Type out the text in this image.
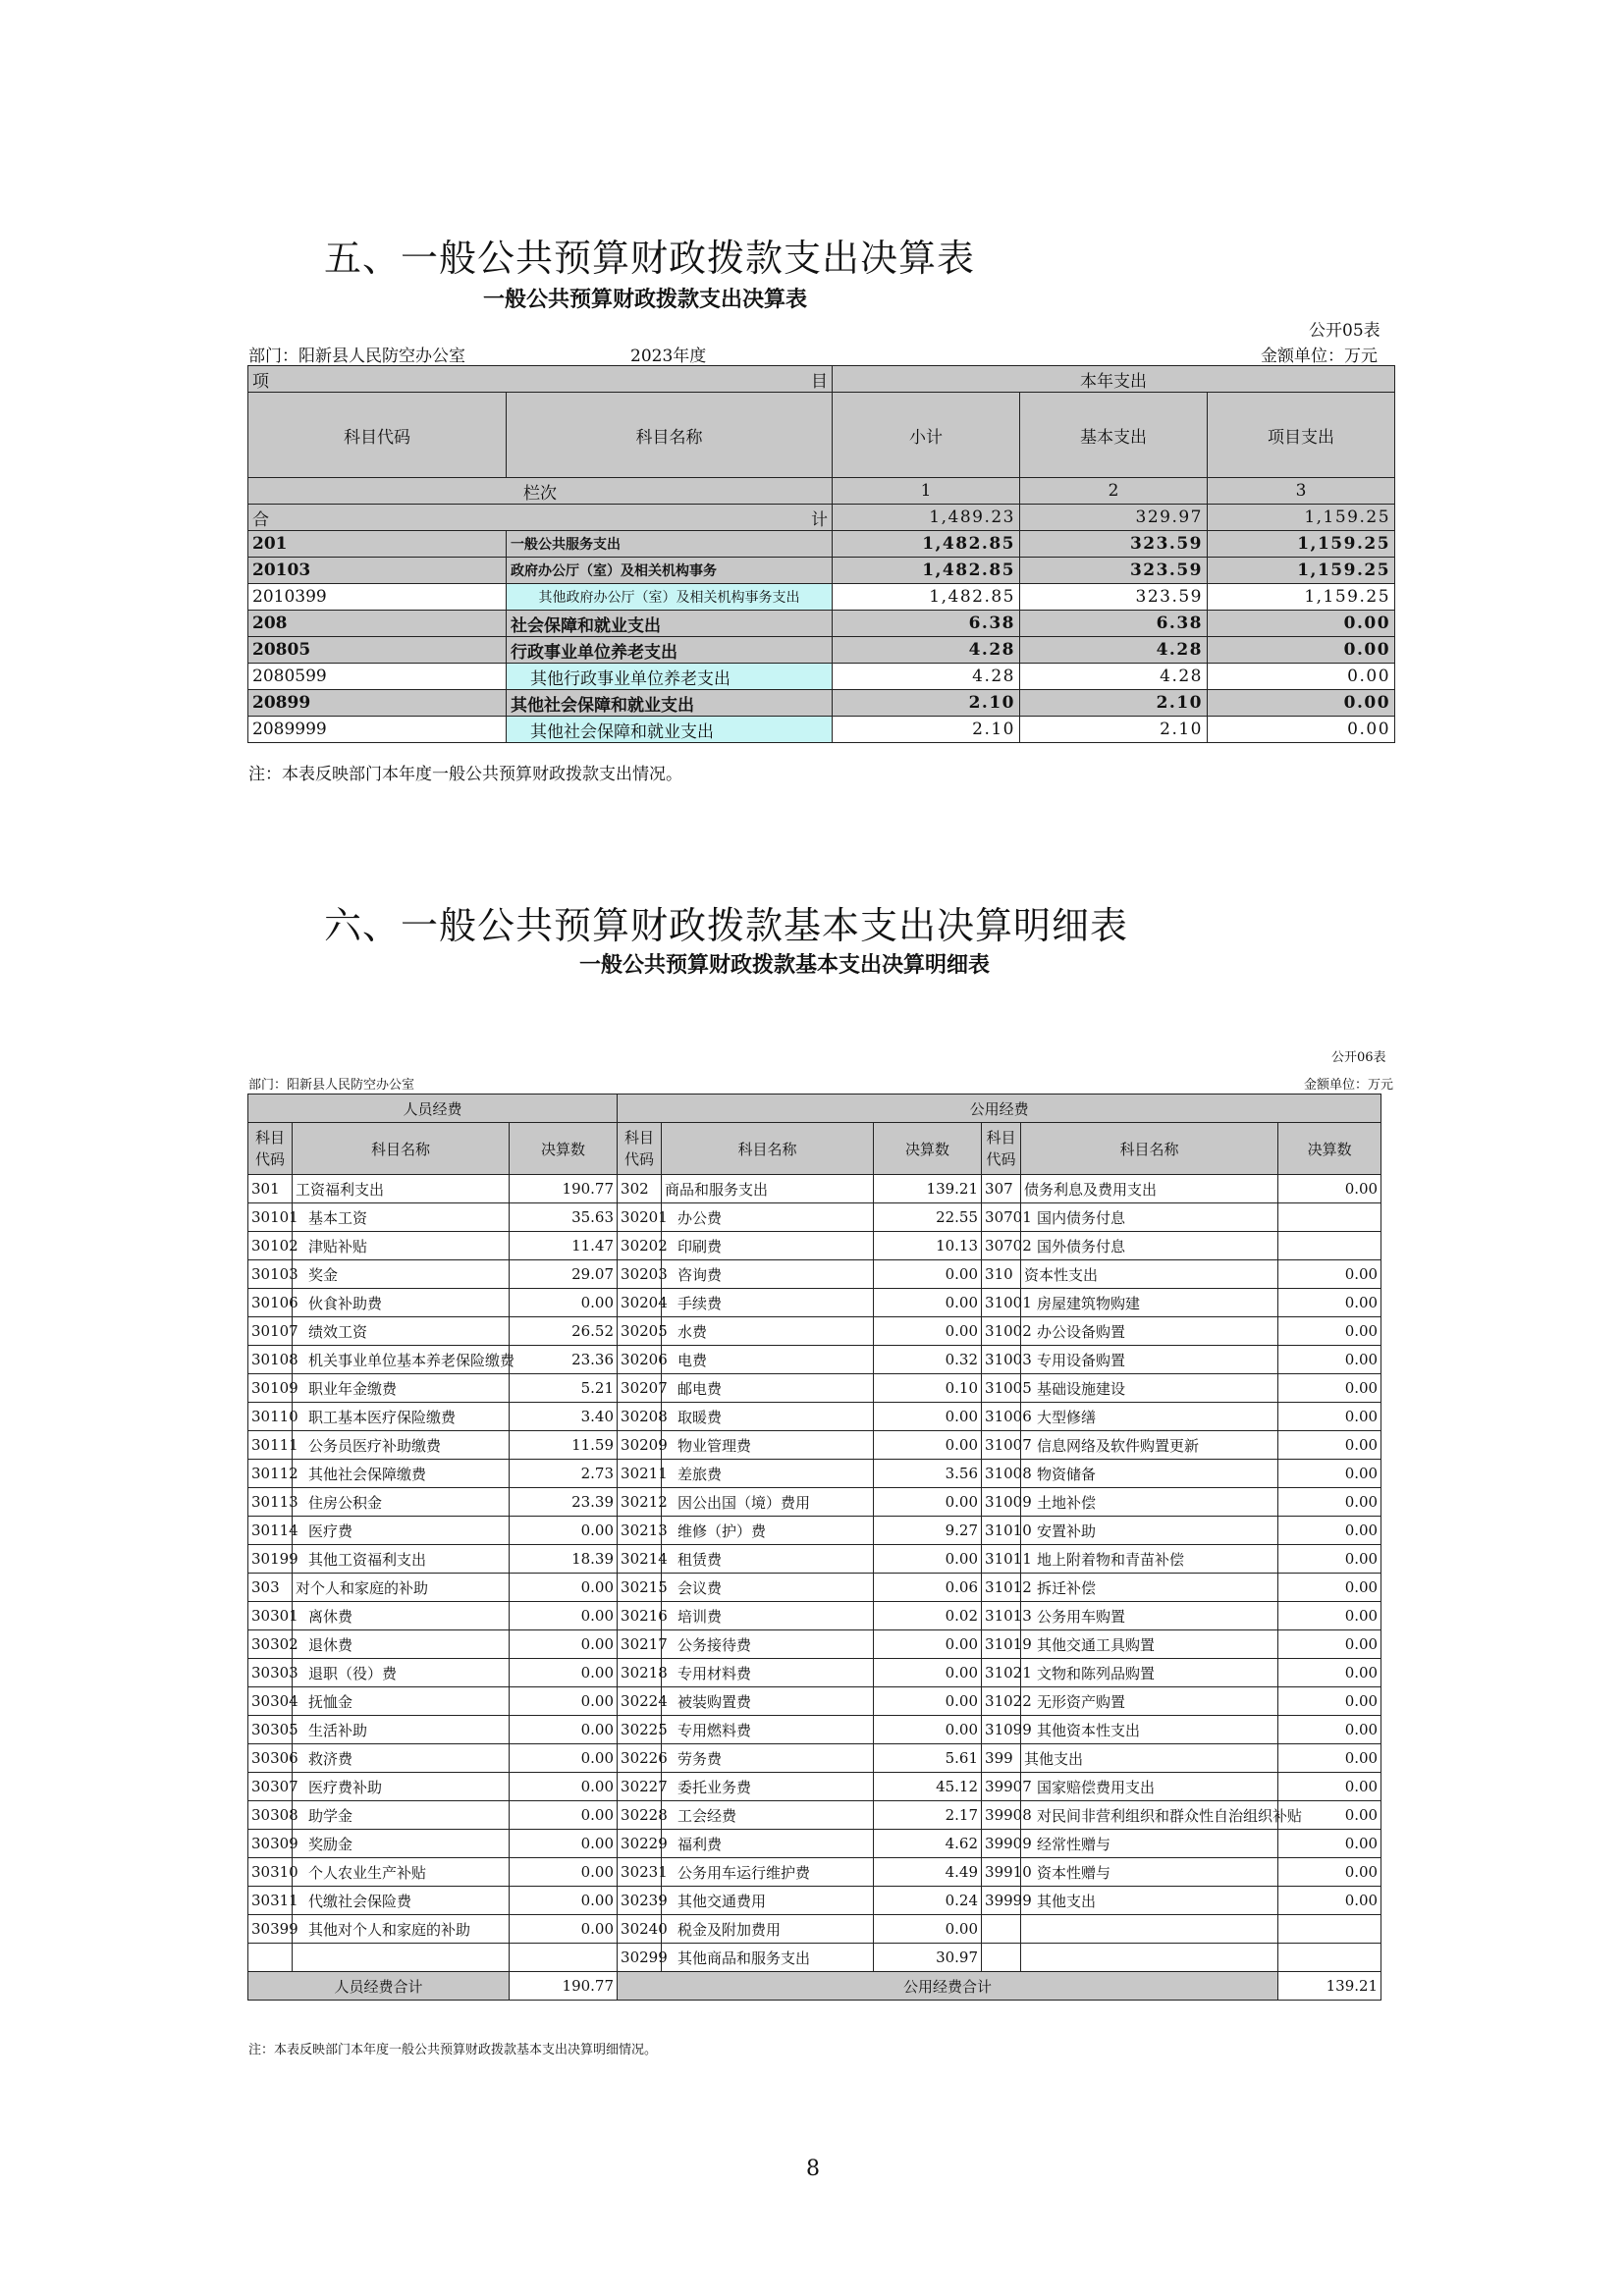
五、一般公共预算财政拨款支出决算表
一般公共预算财政拨款支出决算表
公开05表
部门：阳新县人民防空办公室	2023年度	金额单位：万元
项	目	本年支出		
科目代码	科目名称	小计	基本支出	项目支出
栏次		1	2	3
合	计	1,489.23	329.97	1,159.25
201	一般公共服务支出	1,482.85	323.59	1,159.25
20103	政府办公厅（室）及相关机构事务	1,482.85	323.59	1,159.25
2010399	其他政府办公厅（室）及相关机构事务支出	1,482.85	323.59	1,159.25
208	社会保障和就业支出	6.38	6.38	0.00
20805	行政事业单位养老支出	4.28	4.28	0.00
2080599	其他行政事业单位养老支出	4.28	4.28	0.00
20899	其他社会保障和就业支出	2.10	2.10	0.00
2089999	其他社会保障和就业支出	2.10	2.10	0.00
注：本表反映部门本年度一般公共预算财政拨款支出情况。
六、一般公共预算财政拨款基本支出决算明细表
一般公共预算财政拨款基本支出决算明细表
公开06表
部门：阳新县人民防空办公室	金额单位：万元
人员经费			公用经费					
科目
代码	科目名称	决算数	科目
代码	科目名称	决算数	科目
代码	科目名称	决算数
301	工资福利支出	190.77	302	商品和服务支出	139.21	307	债务利息及费用支出	0.00
30101	基本工资	35.63	30201	办公费	22.55	30701	国内债务付息	
30102	津贴补贴	11.47	30202	印刷费	10.13	30702	国外债务付息	
30103	奖金	29.07	30203	咨询费	0.00	310	资本性支出	0.00
30106	伙食补助费	0.00	30204	手续费	0.00	31001	房屋建筑物购建	0.00
30107	绩效工资	26.52	30205	水费	0.00	31002	办公设备购置	0.00
30108	机关事业单位基本养老保险缴费	23.36	30206	电费	0.32	31003	专用设备购置	0.00
30109	职业年金缴费	5.21	30207	邮电费	0.10	31005	基础设施建设	0.00
30110	职工基本医疗保险缴费	3.40	30208	取暖费	0.00	31006	大型修缮	0.00
30111	公务员医疗补助缴费	11.59	30209	物业管理费	0.00	31007	信息网络及软件购置更新	0.00
30112	其他社会保障缴费	2.73	30211	差旅费	3.56	31008	物资储备	0.00
30113	住房公积金	23.39	30212	因公出国（境）费用	0.00	31009	土地补偿	0.00
30114	医疗费	0.00	30213	维修（护）费	9.27	31010	安置补助	0.00
30199	其他工资福利支出	18.39	30214	租赁费	0.00	31011	地上附着物和青苗补偿	0.00
303	对个人和家庭的补助	0.00	30215	会议费	0.06	31012	拆迁补偿	0.00
30301	离休费	0.00	30216	培训费	0.02	31013	公务用车购置	0.00
30302	退休费	0.00	30217	公务接待费	0.00	31019	其他交通工具购置	0.00
30303	退职（役）费	0.00	30218	专用材料费	0.00	31021	文物和陈列品购置	0.00
30304	抚恤金	0.00	30224	被装购置费	0.00	31022	无形资产购置	0.00
30305	生活补助	0.00	30225	专用燃料费	0.00	31099	其他资本性支出	0.00
30306	救济费	0.00	30226	劳务费	5.61	399	其他支出	0.00
30307	医疗费补助	0.00	30227	委托业务费	45.12	39907	国家赔偿费用支出	0.00
30308	助学金	0.00	30228	工会经费	2.17	39908	对民间非营利组织和群众性自治组织补贴	0.00
30309	奖励金	0.00	30229	福利费	4.62	39909	经常性赠与	0.00
30310	个人农业生产补贴	0.00	30231	公务用车运行维护费	4.49	39910	资本性赠与	0.00
30311	代缴社会保险费	0.00	30239	其他交通费用	0.24	39999	其他支出	0.00
30399	其他对个人和家庭的补助	0.00	30240	税金及附加费用	0.00			
			30299	其他商品和服务支出	30.97			
人员经费合计		190.77	公用经费合计					139.21
注：本表反映部门本年度一般公共预算财政拨款基本支出决算明细情况。
8
